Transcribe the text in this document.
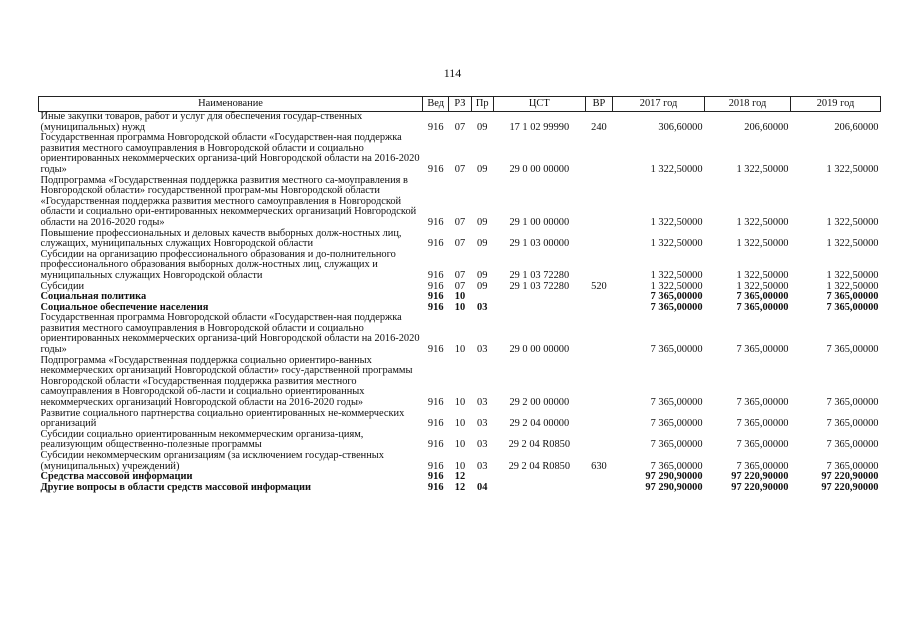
114
Наименование	Вед	РЗ	Пр	ЦСТ	ВР	2017 год	2018 год	2019 год
Иные закупки товаров, работ и услуг для обеспечения государ-ственных (муниципальных) нужд	916	07	09	17 1 02 99990	240	306,60000	206,60000	206,60000
Государственная программа Новгородской области «Государствен-ная поддержка развития местного самоуправления в Новгородской области и социально ориентированных некоммерческих организа-ций Новгородской области на 2016-2020 годы»	916	07	09	29 0 00 00000		1 322,50000	1 322,50000	1 322,50000
Подпрограмма «Государственная поддержка развития местного са-моуправления в Новгородской области» государственной програм-мы Новгородской области «Государственная поддержка развития местного самоуправления в Новгородской области и социально ори-ентированных некоммерческих организаций Новгородской области на 2016-2020 годы»	916	07	09	29 1 00 00000		1 322,50000	1 322,50000	1 322,50000
Повышение профессиональных и деловых качеств выборных долж-ностных лиц, служащих, муниципальных служащих Новгородской области	916	07	09	29 1 03 00000		1 322,50000	1 322,50000	1 322,50000
Субсидии на организацию профессионального образования и до-полнительного профессионального образования выборных долж-ностных лиц, служащих и муниципальных служащих Новгородской области	916	07	09	29 1 03 72280		1 322,50000	1 322,50000	1 322,50000
Субсидии	916	07	09	29 1 03 72280	520	1 322,50000	1 322,50000	1 322,50000
Социальная политика	916	10				7 365,00000	7 365,00000	7 365,00000
Социальное обеспечение населения	916	10	03			7 365,00000	7 365,00000	7 365,00000
Государственная программа Новгородской области «Государствен-ная поддержка развития местного самоуправления в Новгородской области и социально ориентированных некоммерческих организа-ций Новгородской области на 2016-2020 годы»	916	10	03	29 0 00 00000		7 365,00000	7 365,00000	7 365,00000
Подпрограмма «Государственная поддержка социально ориентиро-ванных некоммерческих организаций Новгородской области» госу-дарственной программы Новгородской области «Государственная поддержка развития местного самоуправления в Новгородской об-ласти и социально ориентированных некоммерческих организаций Новгородской области на 2016-2020 годы»	916	10	03	29 2 00 00000		7 365,00000	7 365,00000	7 365,00000
Развитие социального партнерства социально ориентированных не-коммерческих организаций	916	10	03	29 2 04 00000		7 365,00000	7 365,00000	7 365,00000
Субсидии социально ориентированным некоммерческим организа-циям, реализующим общественно-полезные программы	916	10	03	29 2 04 R0850		7 365,00000	7 365,00000	7 365,00000
Субсидии некоммерческим организациям (за исключением государ-ственных (муниципальных) учреждений)	916	10	03	29 2 04 R0850	630	7 365,00000	7 365,00000	7 365,00000
Средства массовой информации	916	12				97 290,90000	97 220,90000	97 220,90000
Другие вопросы в области средств массовой информации	916	12	04			97 290,90000	97 220,90000	97 220,90000
